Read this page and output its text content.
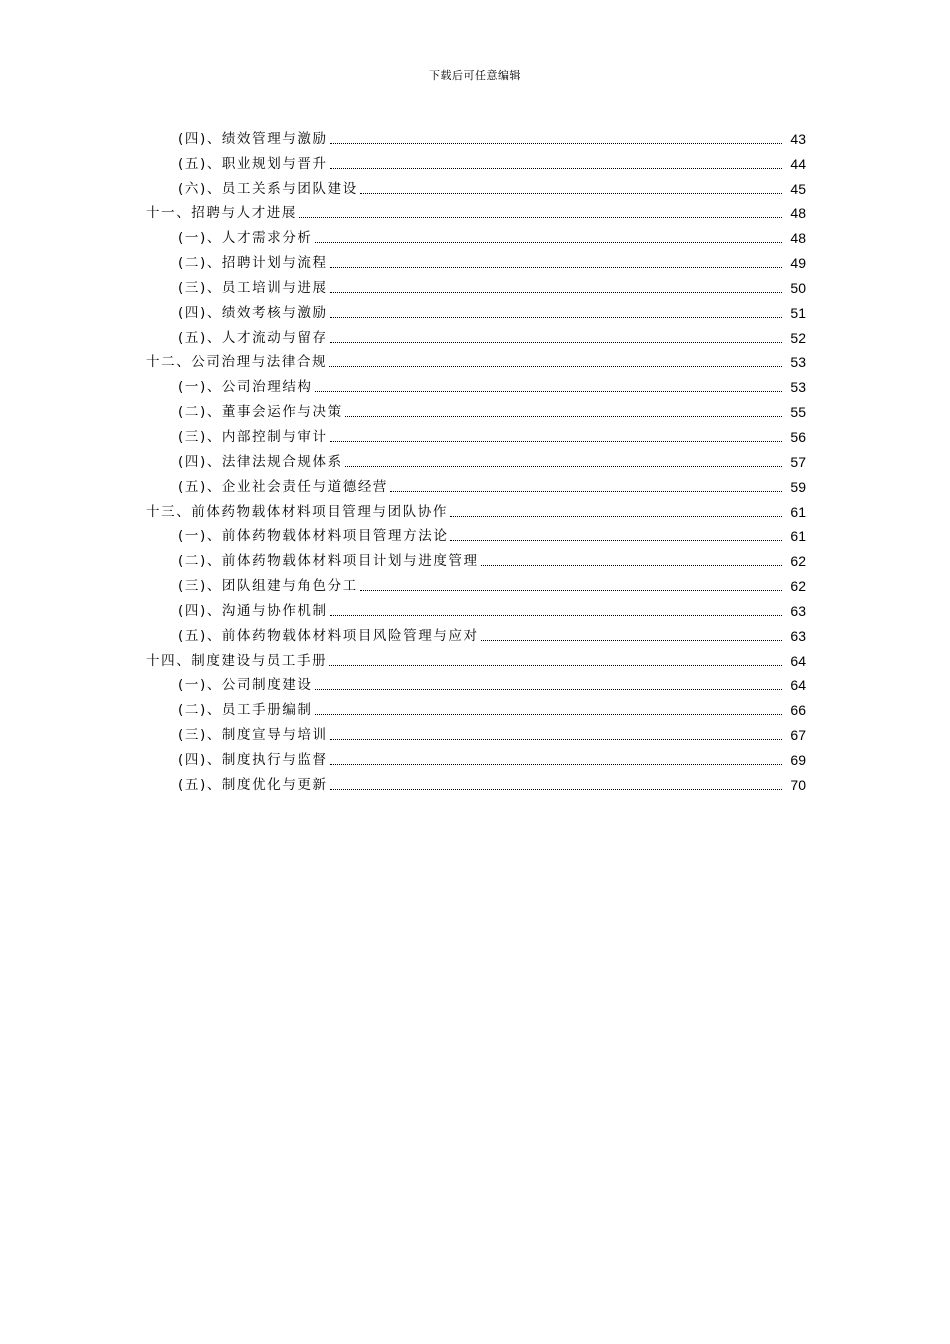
下载后可任意编辑
(四)、绩效管理与激励	43
(五)、职业规划与晋升	44
(六)、员工关系与团队建设	45
十一、招聘与人才进展	48
(一)、人才需求分析	48
(二)、招聘计划与流程	49
(三)、员工培训与进展	50
(四)、绩效考核与激励	51
(五)、人才流动与留存	52
十二、公司治理与法律合规	53
(一)、公司治理结构	53
(二)、董事会运作与决策	55
(三)、内部控制与审计	56
(四)、法律法规合规体系	57
(五)、企业社会责任与道德经营	59
十三、前体药物载体材料项目管理与团队协作	61
(一)、前体药物载体材料项目管理方法论	61
(二)、前体药物载体材料项目计划与进度管理	62
(三)、团队组建与角色分工	62
(四)、沟通与协作机制	63
(五)、前体药物载体材料项目风险管理与应对	63
十四、制度建设与员工手册	64
(一)、公司制度建设	64
(二)、员工手册编制	66
(三)、制度宣导与培训	67
(四)、制度执行与监督	69
(五)、制度优化与更新	70
